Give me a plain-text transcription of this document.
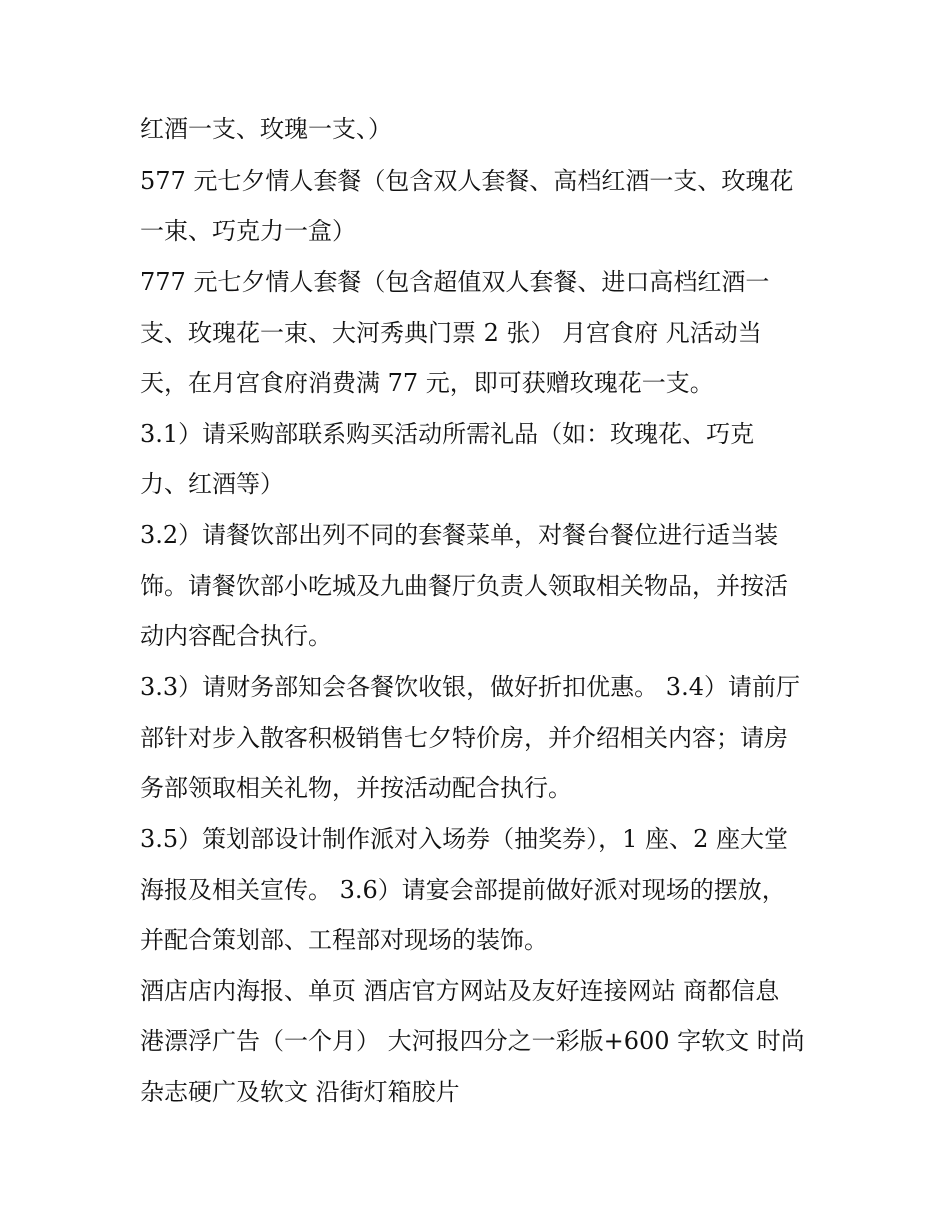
红酒一支、玫瑰一支、）
577 元七夕情人套餐（包含双人套餐、高档红酒一支、玫瑰花
一束、巧克力一盒）
777 元七夕情人套餐（包含超值双人套餐、进口高档红酒一
支、玫瑰花一束、大河秀典门票 2 张） 月宫食府 凡活动当
天，在月宫食府消费满 77 元，即可获赠玫瑰花一支。
3.1）请采购部联系购买活动所需礼品（如：玫瑰花、巧克
力、红酒等）
3.2）请餐饮部出列不同的套餐菜单，对餐台餐位进行适当装
饰。请餐饮部小吃城及九曲餐厅负责人领取相关物品，并按活
动内容配合执行。
3.3）请财务部知会各餐饮收银，做好折扣优惠。 3.4）请前厅
部针对步入散客积极销售七夕特价房，并介绍相关内容；请房
务部领取相关礼物，并按活动配合执行。
3.5）策划部设计制作派对入场券（抽奖券），1 座、2 座大堂
海报及相关宣传。 3.6）请宴会部提前做好派对现场的摆放，
并配合策划部、工程部对现场的装饰。
酒店店内海报、单页 酒店官方网站及友好连接网站 商都信息
港漂浮广告（一个月） 大河报四分之一彩版+600 字软文 时尚
杂志硬广及软文 沿街灯箱胶片
